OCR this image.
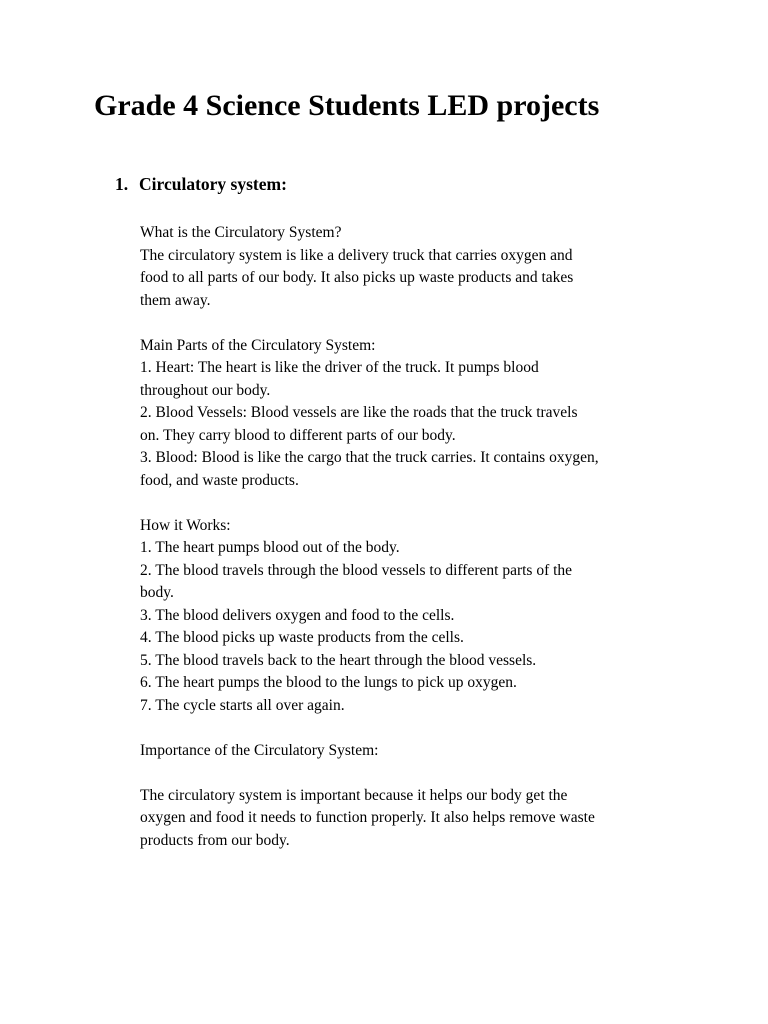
Grade 4 Science Students LED projects
1. Circulatory system:

What is the Circulatory System?

The circulatory system is like a delivery truck that carries oxygen and

food to all parts of our body. It also picks up waste products and takes

them away.

Main Parts of the Circulatory System:

1. Heart: The heart is like the driver of the truck. It pumps blood

throughout our body.

2. Blood Vessels: Blood vessels are like the roads that the truck travels

on. They carry blood to different parts of our body.

3. Blood: Blood is like the cargo that the truck carries. It contains oxygen,

food, and waste products.

How it Works:

1. The heart pumps blood out of the body.

2. The blood travels through the blood vessels to different parts of the

body.

3. The blood delivers oxygen and food to the cells.

4. The blood picks up waste products from the cells.

5. The blood travels back to the heart through the blood vessels.

6. The heart pumps the blood to the lungs to pick up oxygen.

7. The cycle starts all over again.

Importance of the Circulatory System:

The circulatory system is important because it helps our body get the

oxygen and food it needs to function properly. It also helps remove waste

products from our body.
